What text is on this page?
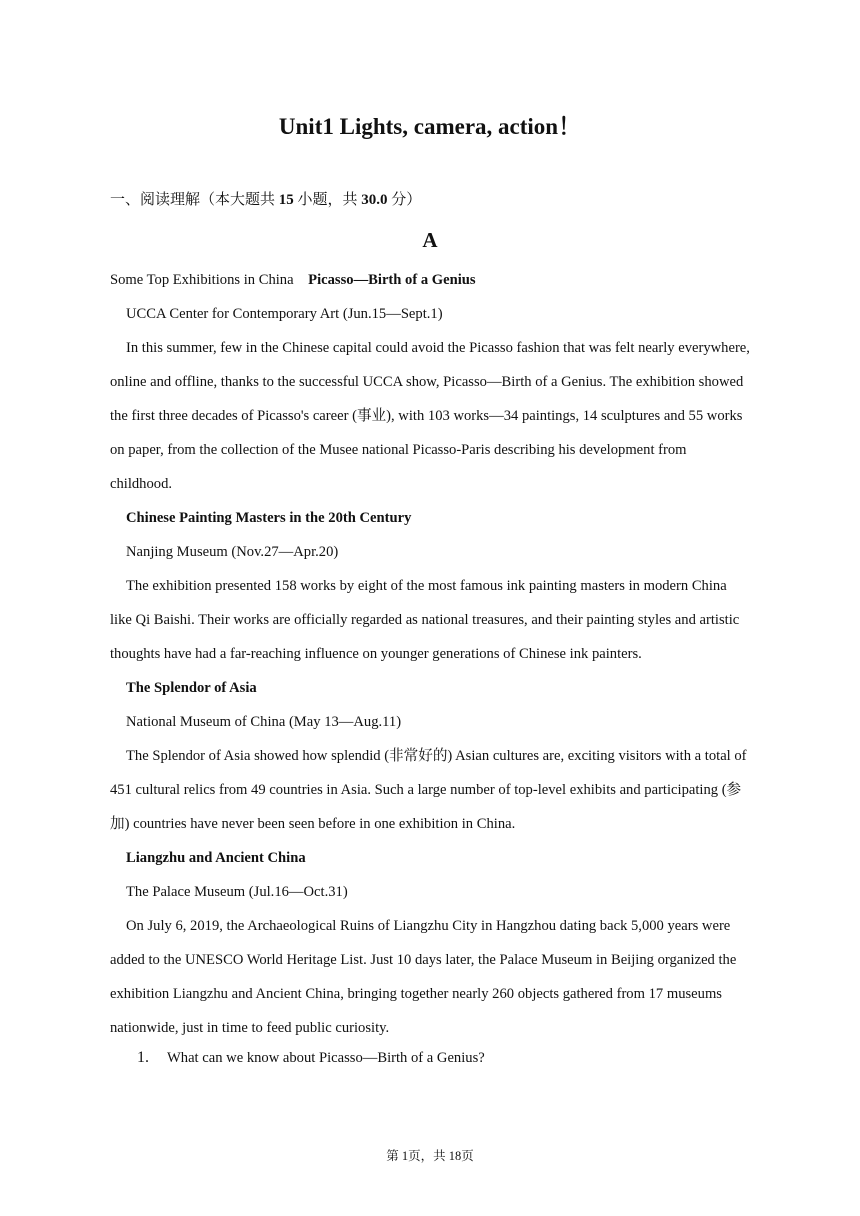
Unit1 Lights, camera, action！
一、阅读理解（本大题共 15 小题，共 30.0 分）
A

Some Top Exhibitions in China Picasso—Birth of a Genius

UCCA Center for Contemporary Art (Jun.15—Sept.1)

In this summer, few in the Chinese capital could avoid the Picasso fashion that was felt nearly everywhere, online and offline, thanks to the successful UCCA show, Picasso—Birth of a Genius. The exhibition showed the first three decades of Picasso's career (事业), with 103 works—34 paintings, 14 sculptures and 55 works on paper, from the collection of the Musee national Picasso-Paris describing his development from childhood.

Chinese Painting Masters in the 20th Century

Nanjing Museum (Nov.27—Apr.20)

The exhibition presented 158 works by eight of the most famous ink painting masters in modern China like Qi Baishi. Their works are officially regarded as national treasures, and their painting styles and artistic thoughts have had a far-reaching influence on younger generations of Chinese ink painters.

The Splendor of Asia

National Museum of China (May 13—Aug.11)

The Splendor of Asia showed how splendid (非常好的) Asian cultures are, exciting visitors with a total of 451 cultural relics from 49 countries in Asia. Such a large number of top-level exhibits and participating (参加) countries have never been seen before in one exhibition in China.

Liangzhu and Ancient China

The Palace Museum (Jul.16—Oct.31)

On July 6, 2019, the Archaeological Ruins of Liangzhu City in Hangzhou dating back 5,000 years were added to the UNESCO World Heritage List. Just 10 days later, the Palace Museum in Beijing organized the exhibition Liangzhu and Ancient China, bringing together nearly 260 objects gathered from 17 museums nationwide, just in time to feed public curiosity.

1. What can we know about Picasso—Birth of a Genius?
第 1页，共 18页
